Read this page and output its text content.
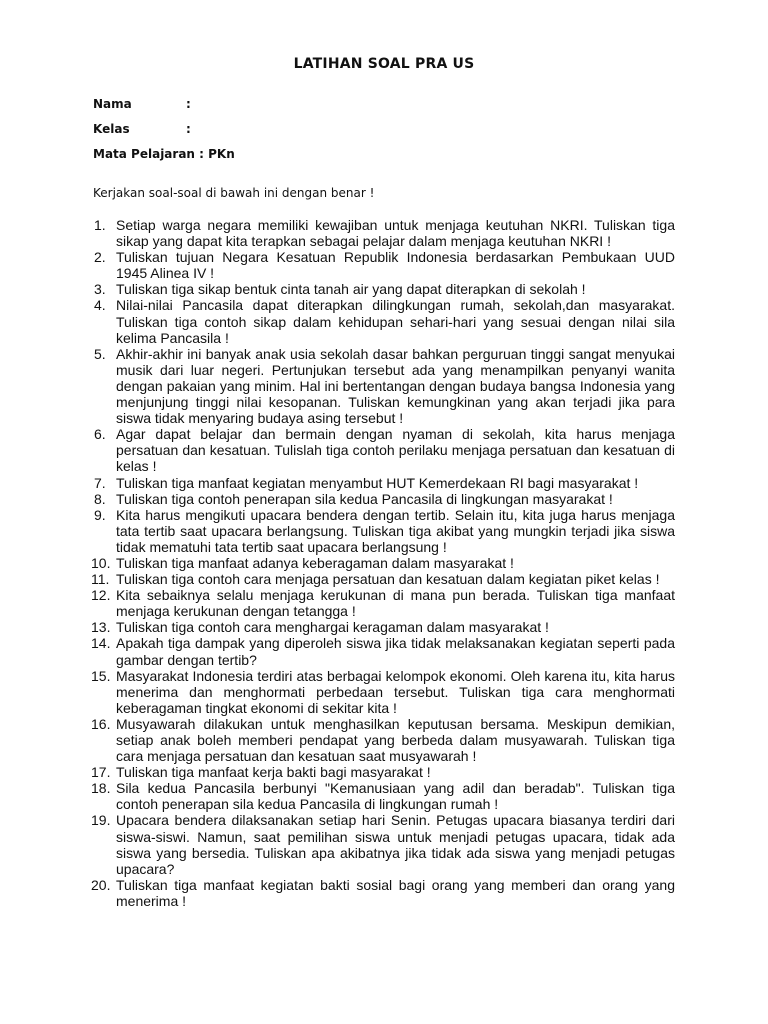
LATIHAN SOAL PRA US
Nama	:
Kelas	:
Mata Pelajaran : PKn
Kerjakan soal-soal di bawah ini dengan benar !
1. Setiap warga negara memiliki kewajiban untuk menjaga keutuhan NKRI. Tuliskan tiga sikap yang dapat kita terapkan sebagai pelajar dalam menjaga keutuhan NKRI !
2. Tuliskan tujuan Negara Kesatuan Republik Indonesia berdasarkan Pembukaan UUD 1945 Alinea IV !
3. Tuliskan tiga sikap bentuk cinta tanah air yang dapat diterapkan di sekolah !
4. Nilai-nilai Pancasila dapat diterapkan dilingkungan rumah, sekolah,dan masyarakat. Tuliskan tiga contoh sikap dalam kehidupan sehari-hari yang sesuai dengan nilai sila kelima Pancasila !
5. Akhir-akhir ini banyak anak usia sekolah dasar bahkan perguruan tinggi sangat menyukai musik dari luar negeri. Pertunjukan tersebut ada yang menampilkan penyanyi wanita dengan pakaian yang minim. Hal ini bertentangan dengan budaya bangsa Indonesia yang menjunjung tinggi nilai kesopanan. Tuliskan kemungkinan yang akan terjadi jika para siswa tidak menyaring budaya asing tersebut !
6. Agar dapat belajar dan bermain dengan nyaman di sekolah, kita harus menjaga persatuan dan kesatuan. Tulislah tiga contoh perilaku menjaga persatuan dan kesatuan di kelas !
7. Tuliskan tiga manfaat kegiatan menyambut HUT Kemerdekaan RI bagi masyarakat !
8. Tuliskan tiga contoh penerapan sila kedua Pancasila di lingkungan masyarakat !
9. Kita harus mengikuti upacara bendera dengan tertib. Selain itu, kita juga harus menjaga tata tertib saat upacara berlangsung. Tuliskan tiga akibat yang mungkin terjadi jika siswa tidak mematuhi tata tertib saat upacara berlangsung !
10. Tuliskan tiga manfaat adanya keberagaman dalam masyarakat !
11. Tuliskan tiga contoh cara menjaga persatuan dan kesatuan dalam kegiatan piket kelas !
12. Kita sebaiknya selalu menjaga kerukunan di mana pun berada. Tuliskan tiga manfaat menjaga kerukunan dengan tetangga !
13. Tuliskan tiga contoh cara menghargai keragaman dalam masyarakat !
14. Apakah tiga dampak yang diperoleh siswa jika tidak melaksanakan kegiatan seperti pada gambar dengan tertib?
15. Masyarakat Indonesia terdiri atas berbagai kelompok ekonomi. Oleh karena itu, kita harus menerima dan menghormati perbedaan tersebut. Tuliskan tiga cara menghormati keberagaman tingkat ekonomi di sekitar kita !
16. Musyawarah dilakukan untuk menghasilkan keputusan bersama. Meskipun demikian, setiap anak boleh memberi pendapat yang berbeda dalam musyawarah. Tuliskan tiga cara menjaga persatuan dan kesatuan saat musyawarah !
17. Tuliskan tiga manfaat kerja bakti bagi masyarakat !
18. Sila kedua Pancasila berbunyi "Kemanusiaan yang adil dan beradab". Tuliskan tiga contoh penerapan sila kedua Pancasila di lingkungan rumah !
19. Upacara bendera dilaksanakan setiap hari Senin. Petugas upacara biasanya terdiri dari siswa-siswi. Namun, saat pemilihan siswa untuk menjadi petugas upacara, tidak ada siswa yang bersedia. Tuliskan apa akibatnya jika tidak ada siswa yang menjadi petugas upacara?
20. Tuliskan tiga manfaat kegiatan bakti sosial bagi orang yang memberi dan orang yang menerima !
